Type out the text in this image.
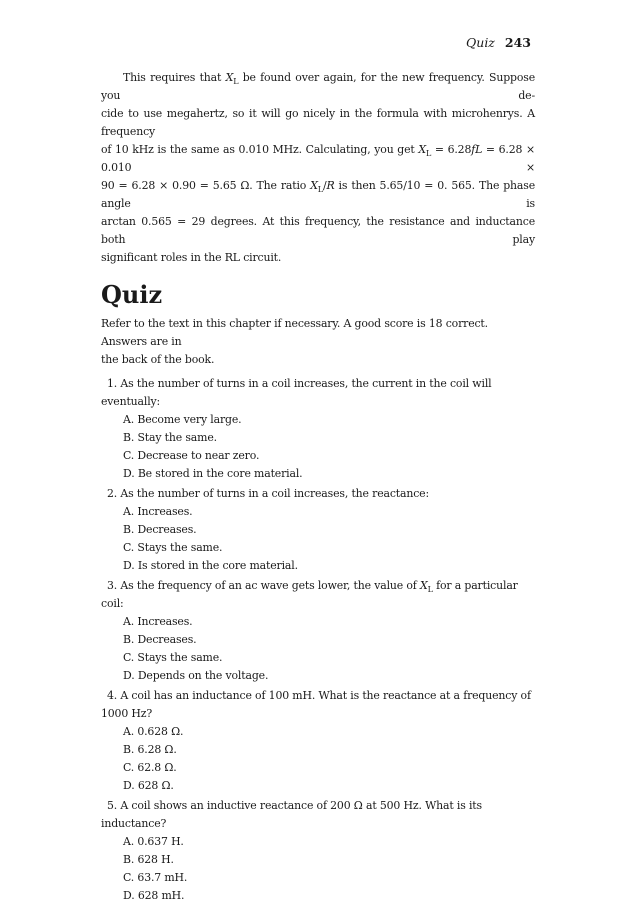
Quiz 243

This requires that $X_L$ be found over again, for the new frequency. Suppose you de-
cide to use megahertz, so it will go nicely in the formula with microhenrys. A frequency
of 10 kHz is the same as 0.010 MHz. Calculating, you get $X_L = 6.28fL = 6.28 \times 0.010$ ×
90 = 6.28 × 0.90 = 5.65 Ω. The ratio $X_L/R$ is then 5.65/10 = 0. 565. The phase angle is
arctan 0.565 = 29 degrees. At this frequency, the resistance and inductance both play
significant roles in the RL circuit.

Quiz
Refer to the text in this chapter if necessary. A good score is 18 correct. Answers are in
the back of the book.
1. As the number of turns in a coil increases, the current in the coil will
eventually:
A. Become very large.
B. Stay the same.
C. Decrease to near zero.
D. Be stored in the core material.
2. As the number of turns in a coil increases, the reactance:
A. Increases.
B. Decreases.
C. Stays the same.
D. Is stored in the core material.
3. As the frequency of an ac wave gets lower, the value of $X_L$ for a particular coil:
A. Increases.
B. Decreases.
C. Stays the same.
D. Depends on the voltage.
4. A coil has an inductance of 100 mH. What is the reactance at a frequency of
1000 Hz?
A. 0.628 Ω.
B. 6.28 Ω.
C. 62.8 Ω.
D. 628 Ω.
5. A coil shows an inductive reactance of 200 Ω at 500 Hz. What is its inductance?
A. 0.637 H.
B. 628 H.
C. 63.7 mH.
D. 628 mH.
